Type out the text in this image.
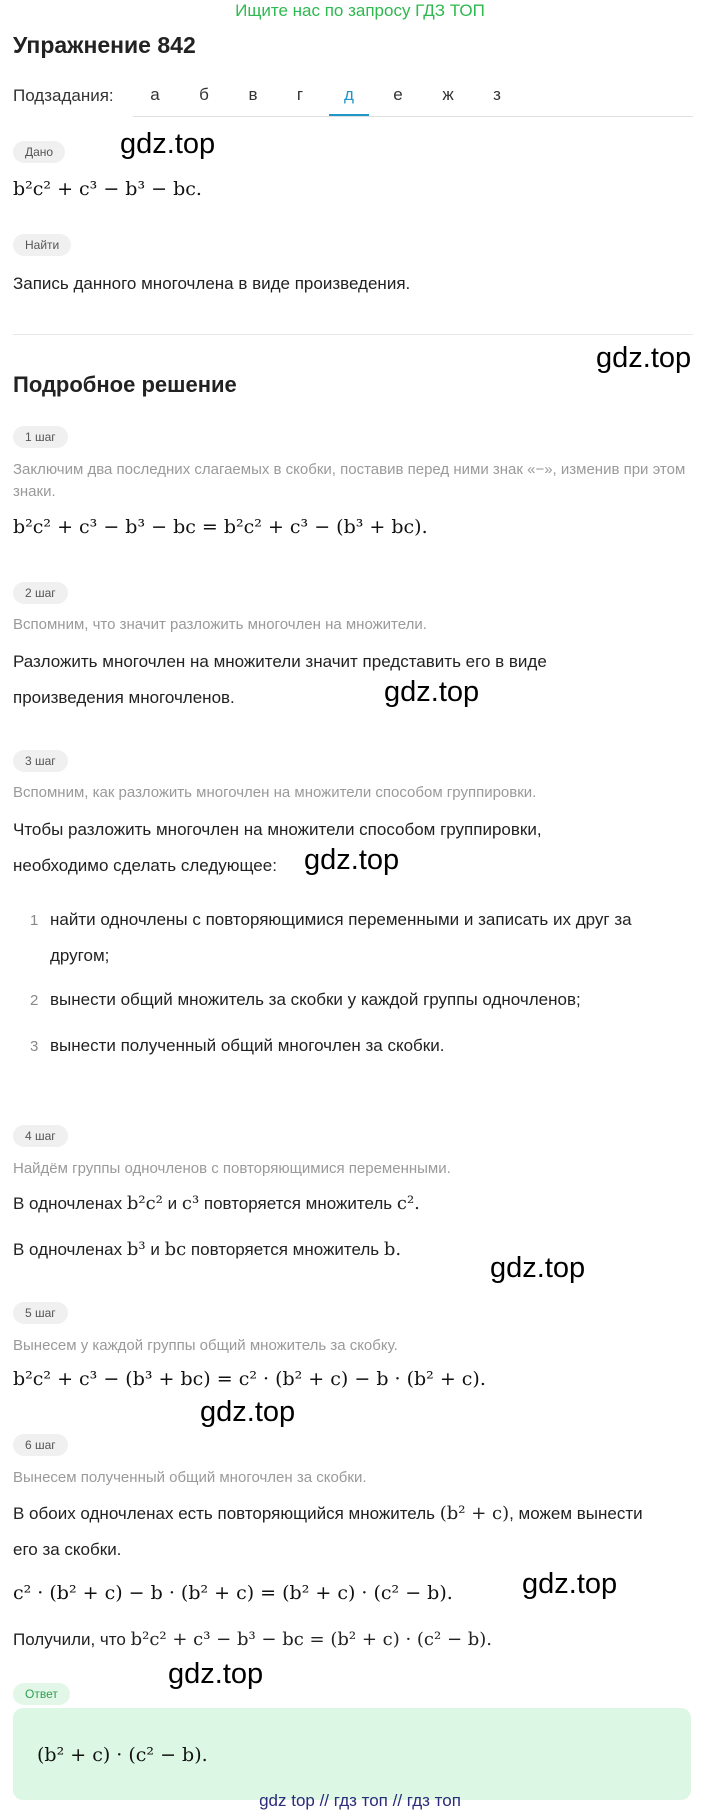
Ищите нас по запросу ГДЗ ТОП
Упражнение 842
Подзадания:	а	б	в	г	д	е	ж	з
Дано	gdz.top
b²c² + c³ − b³ − bc.
Найти
Запись данного многочлена в виде произведения.
gdz.top
Подробное решение
1 шаг
Заключим два последних слагаемых в скобки, поставив перед ними знак «−», изменив при этом знаки.
b²c² + c³ − b³ − bc = b²c² + c³ − (b³ + bc).
2 шаг
Вспомним, что значит разложить многочлен на множители.
Разложить многочлен на множители значит представить его в виде
произведения многочленов.	gdz.top
3 шаг
Вспомним, как разложить многочлен на множители способом группировки.
Чтобы разложить многочлен на множители способом группировки,
необходимо сделать следующее: gdz.top
1 найти одночлены с повторяющимися переменными и записать их друг за
другом;
2 вынести общий множитель за скобки у каждой группы одночленов;
3 вынести полученный общий многочлен за скобки.
4 шаг
Найдём группы одночленов с повторяющимися переменными.
В одночленах b²c² и c³ повторяется множитель c².
В одночленах b³ и bc повторяется множитель b.
gdz.top
5 шаг
Вынесем у каждой группы общий множитель за скобку.
b²c² + c³ − (b³ + bc) = c² · (b² + c) − b · (b² + c).
gdz.top
6 шаг
Вынесем полученный общий многочлен за скобки.
В обоих одночленах есть повторяющийся множитель (b² + c), можем вынести
его за скобки.
c² · (b² + c) − b · (b² + c) = (b² + c) · (c² − b). gdz.top
Получили, что b²c² + c³ − b³ − bc = (b² + c) · (c² − b).
gdz.top
Ответ
(b² + c) · (c² − b).
gdz top // гдз топ // гдз топ
